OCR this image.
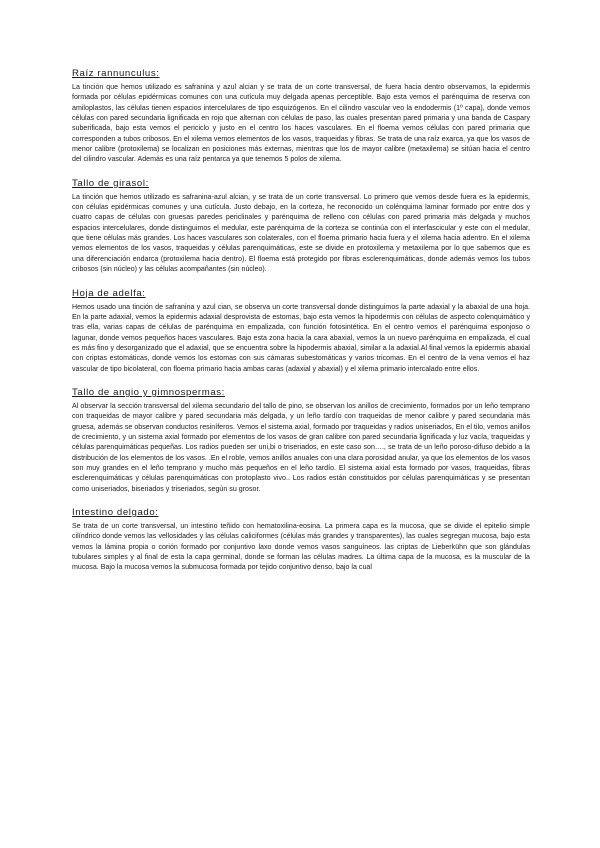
Raíz rannunculus:

La tinción que hemos utilizado es safranina y azul alcian y se trata de un corte transversal, de fuera hacia dentro observamos, la epidermis formada por células epidérmicas comunes con una cutícula muy delgada apenas perceptible. Bajo esta vemos el parénquima de reserva con amiloplastos, las células tienen espacios intercelulares de tipo esquizógenos. En el cilindro vascular veo la endodermis (1º capa), donde vemos células con pared secundaria lignificada en rojo que alternan con células de paso, las cuales presentan pared primaria y una banda de Caspary suberificada, bajo esta vemos el periciclo y justo en el centro los haces vasculares. En el floema vemos células con pared primaria que corresponden a tubos cribosos. En el xilema vemos elementos de los vasos, traqueidas y fibras. Se trata de una raíz exarca, ya que los vasos de menor calibre (protoxilema) se localizan en posiciones más externas, mientras que los de mayor calibre (metaxilema) se sitúan hacia el centro del cilindro vascular. Además es una raíz pentarca ya que tenemos 5 polos de xilema.

Tallo de girasol:

La tinción que hemos utilizado es safranina-azul alcian, y se trata de un corte transversal. Lo primero que vemos desde fuera es la epidermis, con células epidérmicas comunes y una cutícula. Justo debajo, en la corteza, he reconocido un colénquima laminar formado por entre dos y cuatro capas de células con gruesas paredes periclinales y parénquima de relleno con células con pared primaria más delgada y muchos espacios intercelulares, donde distinguimos el medular, este parénquima de la corteza se continúa con el interfascicular y este con el medular, que tiene células más grandes. Los haces vasculares son colaterales, con el floema primario hacia fuera y el xilema hacia adentro. En el xilema vemos elementos de los vasos, traqueidas y células parenquimáticas, este se divide en protoxilema y metaxilema por lo que sabemos que es una diferenciación endarca (protoxilema hacia dentro). El floema está protegido por fibras esclerenquimáticas, donde además vemos los tubos cribosos (sin núcleo) y las células acompañantes (sin núcleo).

Hoja de adelfa:

Hemos usado una tinción de safranina y azul cian, se observa un corte transversal donde distinguimos la parte adaxial y la abaxial de una hoja. En la parte adaxial, vemos la epidermis adaxial desprovista de estomas, bajo esta vemos la hipodermis con células de aspecto colenquimático y tras ella, varias capas de células de parénquima en empalizada, con función fotosintética. En el centro vemos el parénquima esponjoso o lagunar, donde vemos pequeños haces vasculares. Bajo esta zona hacia la cara abaxial, vemos la un nuevo parénquima en empalizada, el cual es más fino y desorganizado que el adaxial, que se encuentra sobre la hipodermis abaxial, similar a la adaxial.Al final vemos la epidermis abaxial con criptas estomáticas, donde vemos los estomas con sus cámaras subestomáticas y varios tricomas. En el centro de la vena vemos el haz vascular de tipo bicolateral, con floema primario hacia ambas caras (adaxial y abaxial) y el xilema primario intercalado entre ellos.

Tallo de angio y gimnospermas:

Al observar la sección transversal del xilema secundario del tallo de pino, se observan los anillos de crecimiento, formados por un leño temprano con traqueidas de mayor calibre y pared secundaria más delgada, y un leño tardío con traqueidas de menor calibre y pared secundaria más gruesa, además se observan conductos resiníferos. Vemos el sistema axial, formado por traqueidas y radios uniseriados, En el tilo, vemos anillos de crecimiento, y un sistema axial formado por elementos de los vasos de gran calibre con pared secundaria lignificada y luz vacía, traqueidas y células parenquimáticas pequeñas. Los radios pueden ser uni,bi o triseriados, en este caso son…., se trata de un leño poroso-difuso debido a la distribución de los elementos de los vasos. .En el roble, vemos anillos anuales con una clara porosidad anular, ya que los elementos de los vasos son muy grandes en el leño temprano y mucho más pequeños en el leño tardío. El sistema axial esta formado por vasos, traqueidas, fibras esclerenquimáticas y células parenquimáticas con protoplasto vivo.. Los radios están constituidos por células parenquimáticas y se presentan como uniseriados, biseriados y triseriados, según su grosor.

Intestino delgado:

Se trata de un corte transversal, un intestino teñido con hematoxilina-eosina. La primera capa es la mucosa, que se divide el epitelio simple cilíndrico donde vemos las vellosidades y las células caliciformes (células más grandes y transparentes), las cuales segregan mucosa, bajo esta vemos la lámina propia o corión formado por conjuntivo laxo donde vemos vasos sanguíneos. las criptas de Lieberkühn que son glándulas tubulares simples y al final de esta la capa germinal, donde se forman las células madres. La última capa de la mucosa, es la muscular de la mucosa. Bajo la mucosa vemos la submucosa formada por tejido conjuntivo denso, bajo la cual
